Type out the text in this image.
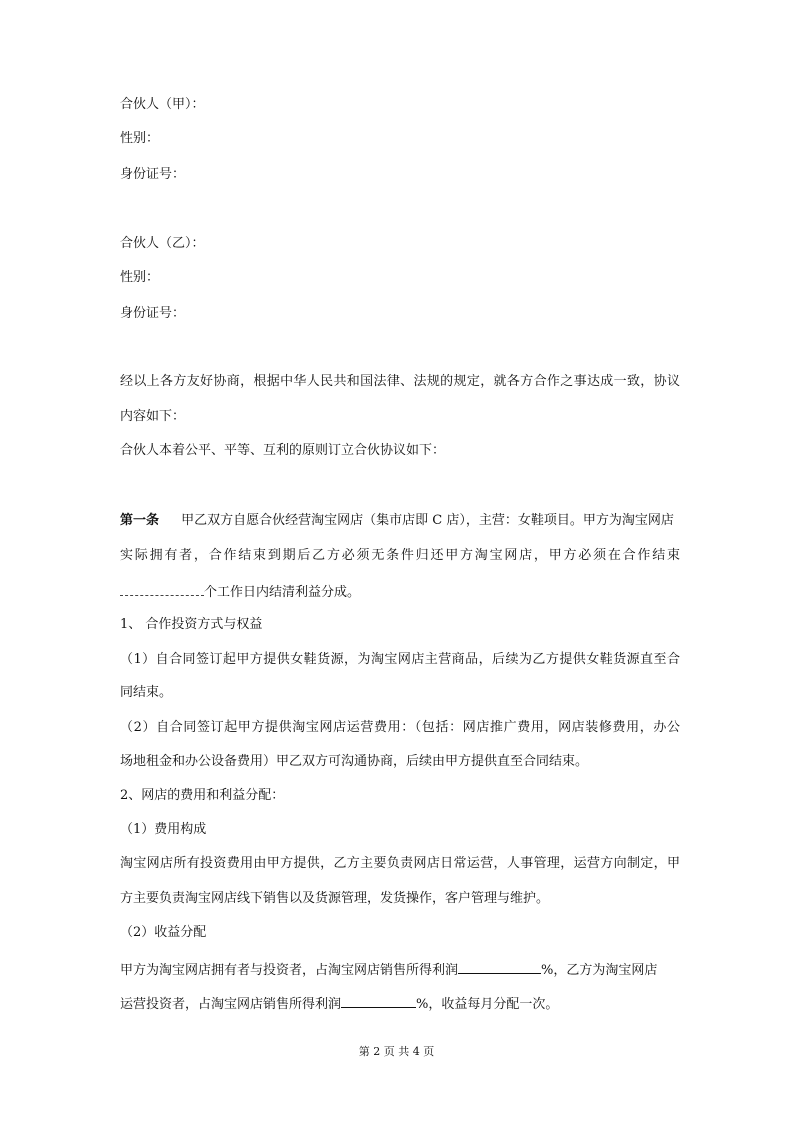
合伙人（甲）：
性别：
身份证号：
合伙人（乙）：
性别：
身份证号：
经以上各方友好协商，根据中华人民共和国法律、法规的规定，就各方合作之事达成一致，协议
内容如下：
合伙人本着公平、平等、互利的原则订立合伙协议如下：
第一条 甲乙双方自愿合伙经营淘宝网店（集市店即 C 店），主营：女鞋项目。甲方为淘宝网店
实际拥有者，合作结束到期后乙方必须无条件归还甲方淘宝网店，甲方必须在合作结束
个工作日内结清利益分成。
1、 合作投资方式与权益
（1）自合同签订起甲方提供女鞋货源，为淘宝网店主营商品，后续为乙方提供女鞋货源直至合
同结束。
（2）自合同签订起甲方提供淘宝网店运营费用：（包括：网店推广费用，网店装修费用，办公
场地租金和办公设备费用）甲乙双方可沟通协商，后续由甲方提供直至合同结束。
2、网店的费用和利益分配：
（1）费用构成
淘宝网店所有投资费用由甲方提供，乙方主要负责网店日常运营，人事管理，运营方向制定，甲
方主要负责淘宝网店线下销售以及货源管理，发货操作，客户管理与维护。
（2）收益分配
甲方为淘宝网店拥有者与投资者，占淘宝网店销售所得利润	%，乙方为淘宝网店
运营投资者，占淘宝网店销售所得利润	%，收益每月分配一次。
第 2 页 共 4 页
